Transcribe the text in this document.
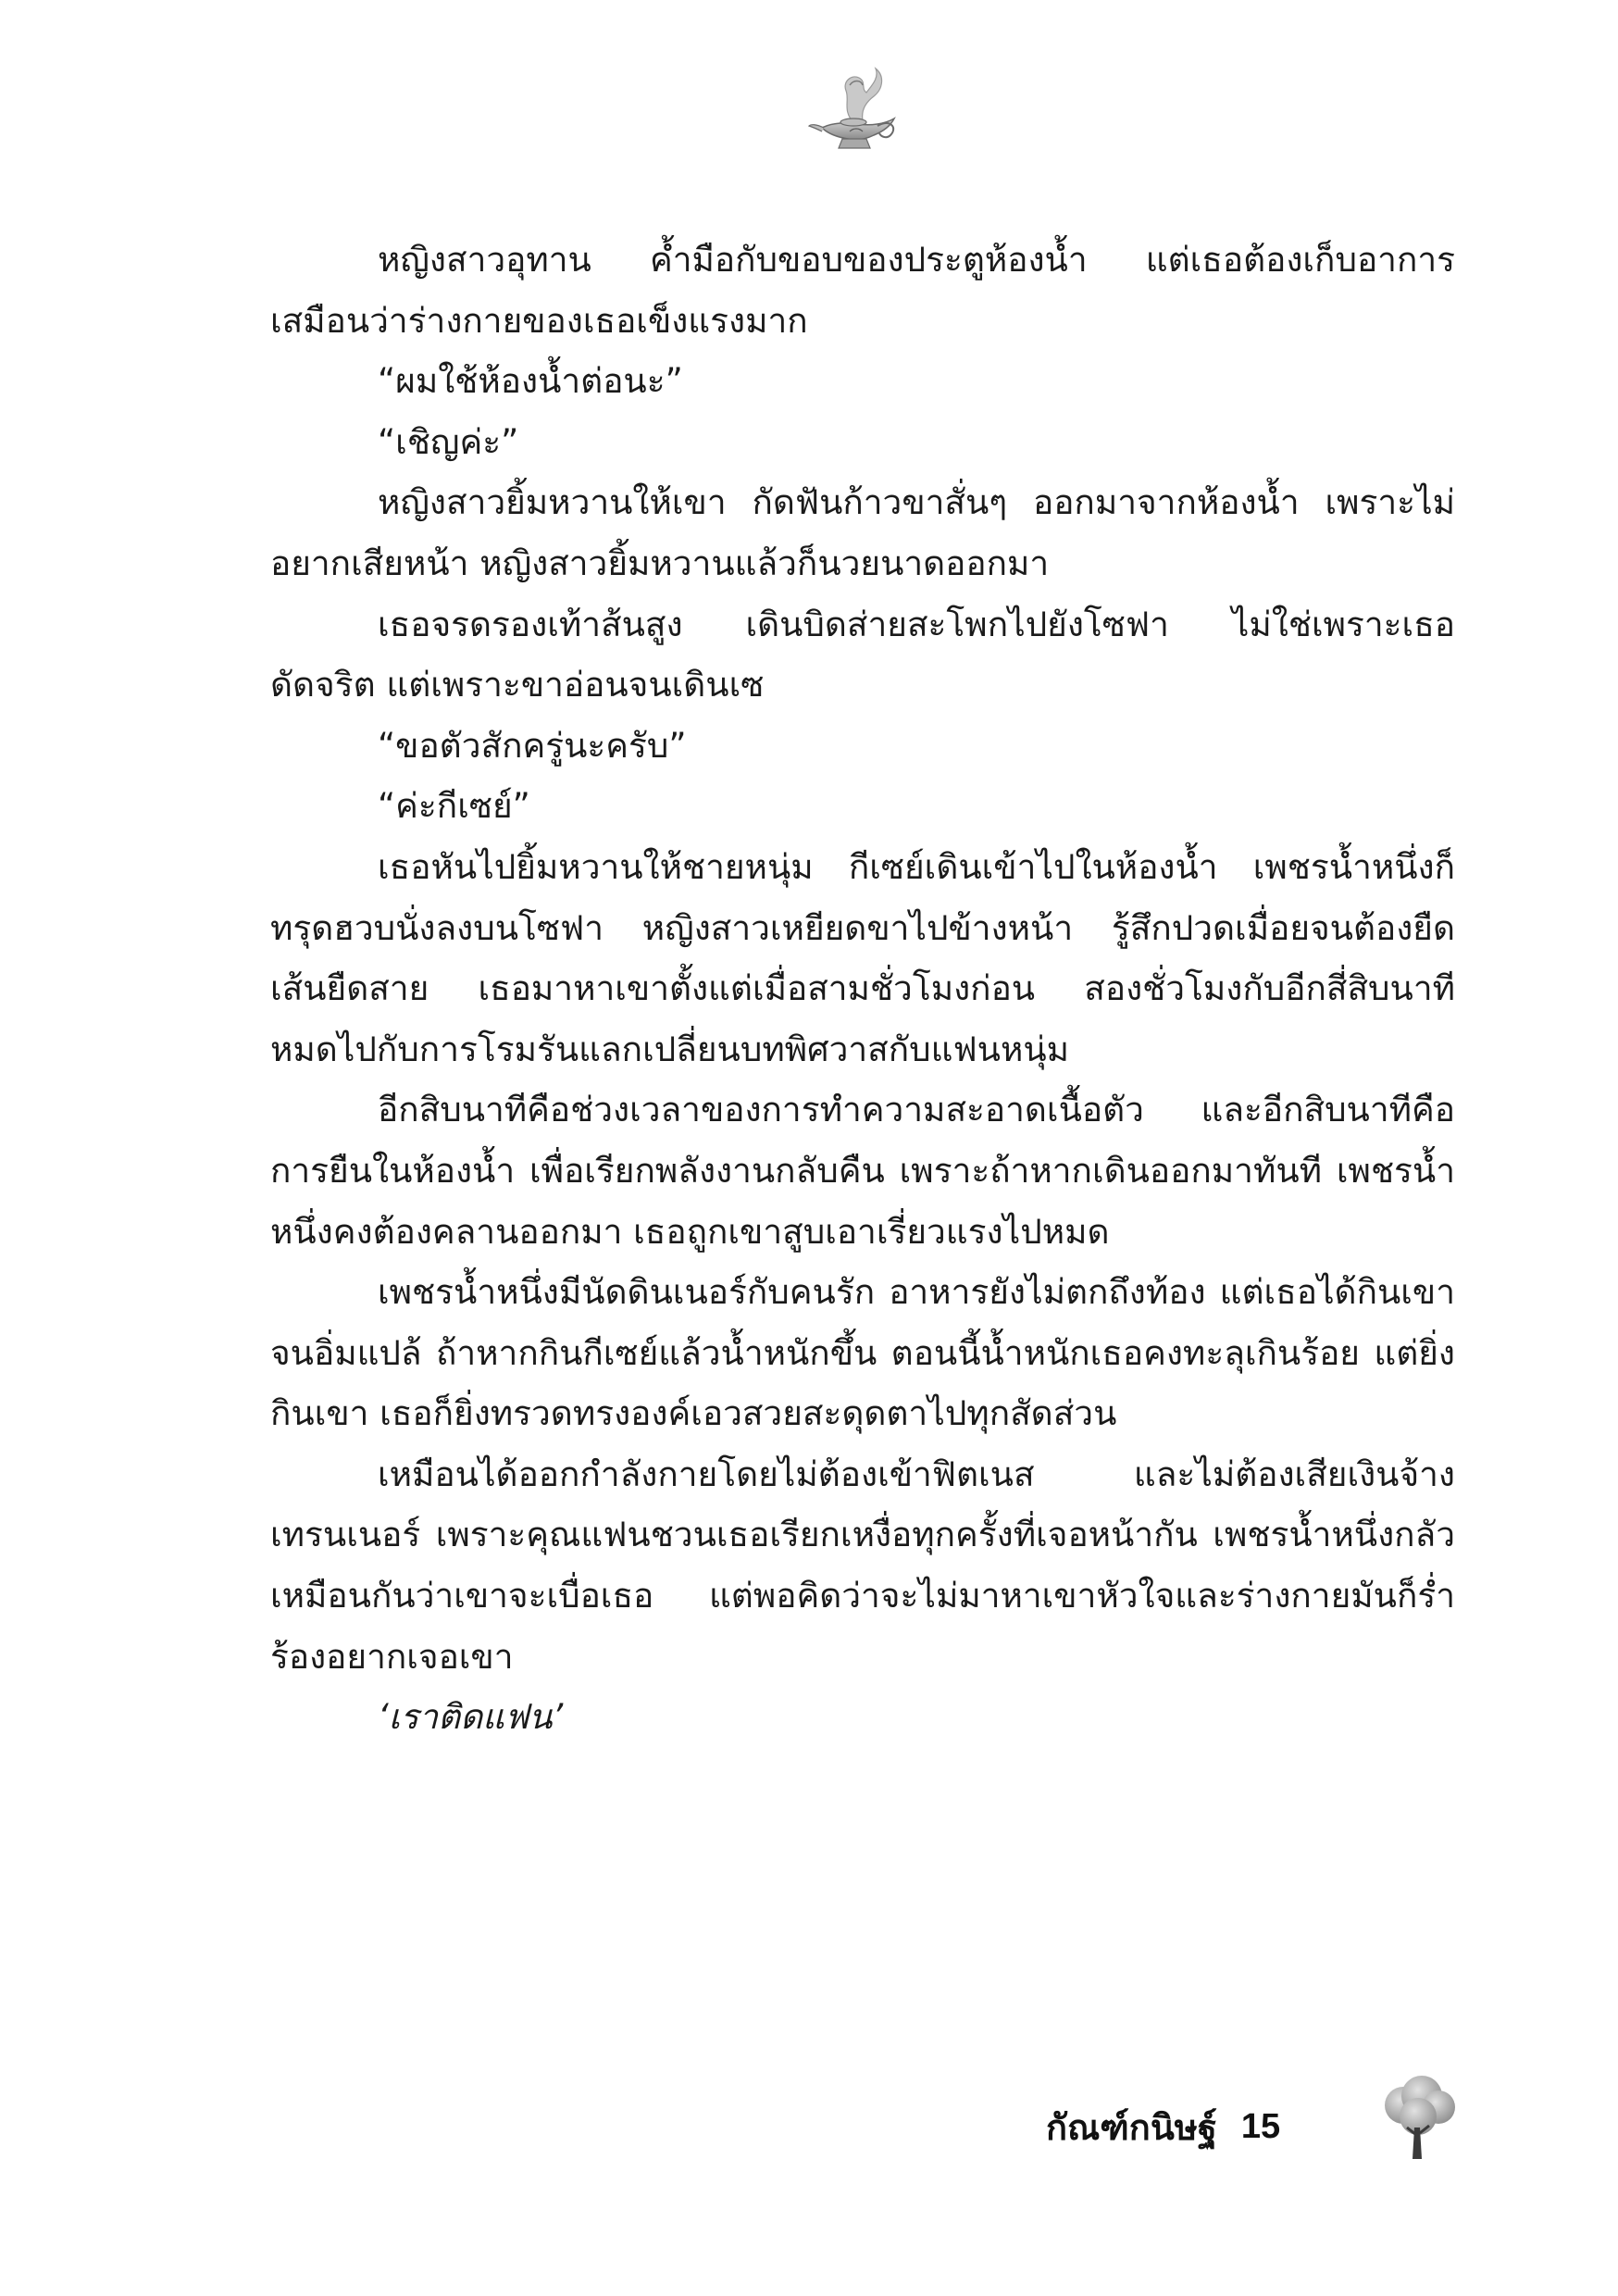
หญิงสาวอุทาน ค้ำมือกับขอบของประตูห้องน้ำ แต่เธอต้องเก็บอาการเสมือนว่าร่างกายของเธอเข็งแรงมาก

“ผมใช้ห้องน้ำต่อนะ”

“เชิญค่ะ”

หญิงสาวยิ้มหวานให้เขา กัดฟันก้าวขาสั่นๆ ออกมาจากห้องน้ำ เพราะไม่อยากเสียหน้า หญิงสาวยิ้มหวานแล้วก็นวยนาดออกมา

เธอจรดรองเท้าส้นสูง เดินบิดส่ายสะโพกไปยังโซฟา ไม่ใช่เพราะเธอดัดจริต แต่เพราะขาอ่อนจนเดินเซ

“ขอตัวสักครู่นะครับ”

“ค่ะกีเซย์”

เธอหันไปยิ้มหวานให้ชายหนุ่ม กีเซย์เดินเข้าไปในห้องน้ำ เพชรน้ำหนึ่งก็ทรุดฮวบนั่งลงบนโซฟา หญิงสาวเหยียดขาไปข้างหน้า รู้สึกปวดเมื่อยจนต้องยืดเส้นยืดสาย เธอมาหาเขาตั้งแต่เมื่อสามชั่วโมงก่อน สองชั่วโมงกับอีกสี่สิบนาที หมดไปกับการโรมรันแลกเปลี่ยนบทพิศวาสกับแฟนหนุ่ม

อีกสิบนาทีคือช่วงเวลาของการทำความสะอาดเนื้อตัว และอีกสิบนาทีคือการยืนในห้องน้ำ เพื่อเรียกพลังงานกลับคืน เพราะถ้าหากเดินออกมาทันที เพชรน้ำหนึ่งคงต้องคลานออกมา เธอถูกเขาสูบเอาเรี่ยวแรงไปหมด

เพชรน้ำหนึ่งมีนัดดินเนอร์กับคนรัก อาหารยังไม่ตกถึงท้อง แต่เธอได้กินเขาจนอิ่มแปล้ ถ้าหากกินกีเซย์แล้วน้ำหนักขึ้น ตอนนี้น้ำหนักเธอคงทะลุเกินร้อย แต่ยิ่งกินเขา เธอก็ยิ่งทรวดทรงองค์เอวสวยสะดุดตาไปทุกสัดส่วน

เหมือนได้ออกกำลังกายโดยไม่ต้องเข้าฟิตเนส และไม่ต้องเสียเงินจ้างเทรนเนอร์ เพราะคุณแฟนชวนเธอเรียกเหงื่อทุกครั้งที่เจอหน้ากัน เพชรน้ำหนึ่งกลัวเหมือนกันว่าเขาจะเบื่อเธอ แต่พอคิดว่าจะไม่มาหาเขาหัวใจและร่างกายมันก็ร่ำร้องอยากเจอเขา

‘เราติดแฟน’

กัณฑ์กนิษฐ์ 15
